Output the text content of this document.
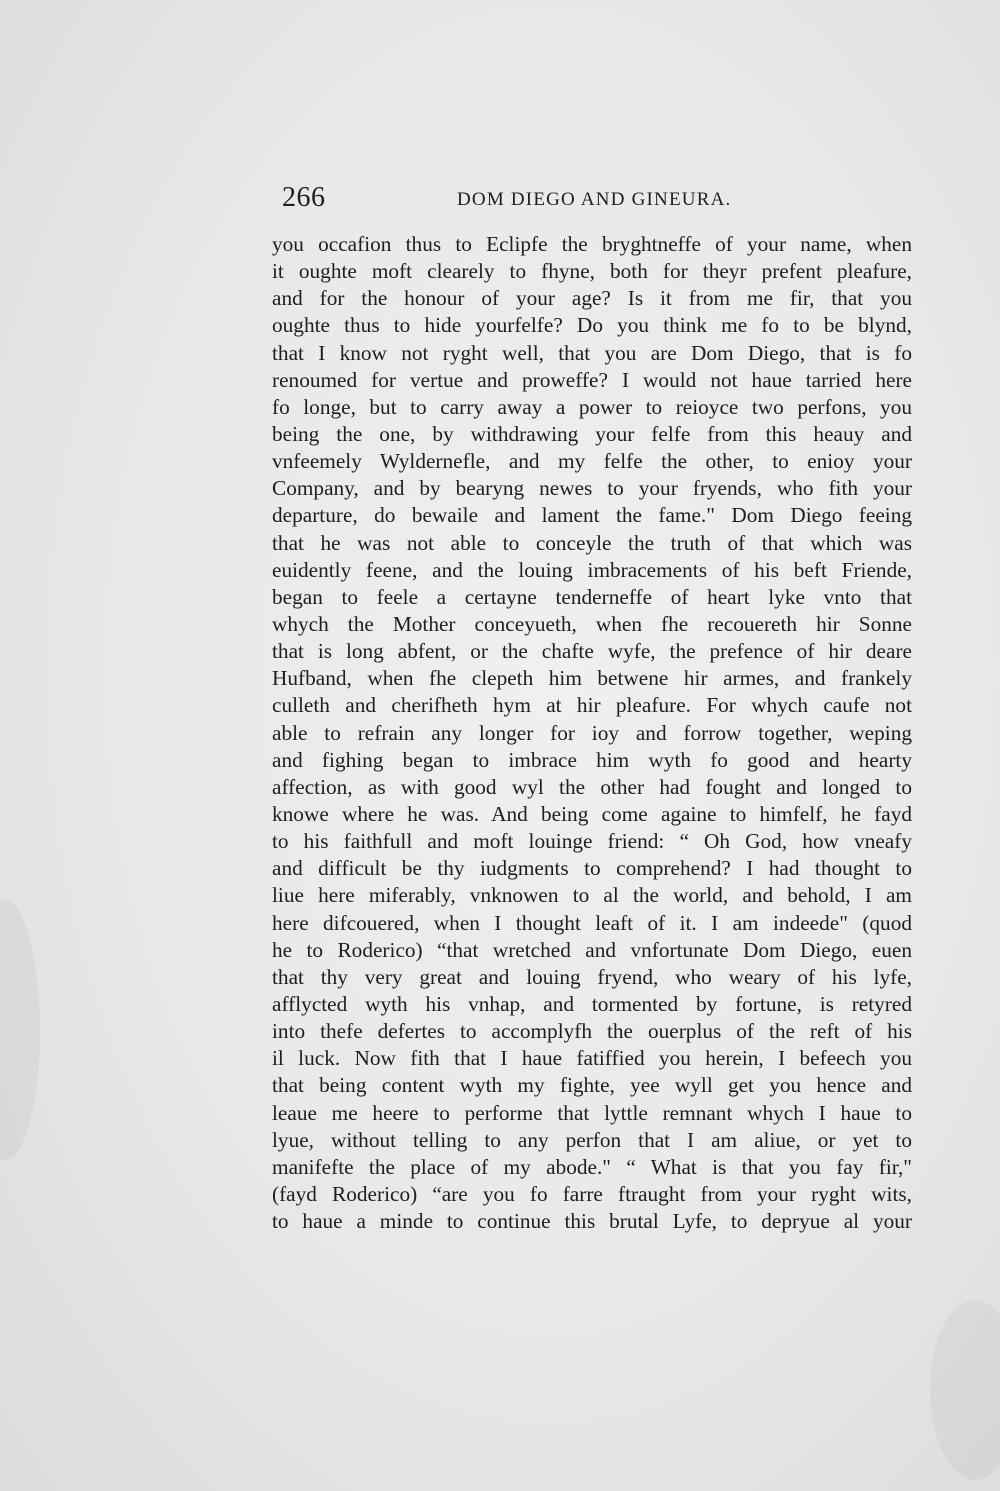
266	DOM DIEGO AND GINEURA.
you occafion thus to Eclipfe the bryghtneffe of your name, when
it oughte moft clearely to fhyne, both for theyr prefent pleafure,
and for the honour of your age? Is it from me fir, that you
oughte thus to hide yourfelfe? Do you think me fo to be blynd,
that I know not ryght well, that you are Dom Diego, that is fo
renoumed for vertue and proweffe? I would not haue tarried here
fo longe, but to carry away a power to reioyce two perfons, you
being the one, by withdrawing your felfe from this heauy and
vnfeemely Wyldernefle, and my felfe the other, to enioy your
Company, and by bearyng newes to your fryends, who fith your
departure, do bewaile and lament the fame." Dom Diego feeing
that he was not able to conceyle the truth of that which was
euidently feene, and the louing imbracements of his beft Friende,
began to feele a certayne tenderneffe of heart lyke vnto that
whych the Mother conceyueth, when fhe recouereth hir Sonne
that is long abfent, or the chafte wyfe, the prefence of hir deare
Hufband, when fhe clepeth him betwene hir armes, and frankely
culleth and cherifheth hym at hir pleafure. For whych caufe not
able to refrain any longer for ioy and forrow together, weping
and fighing began to imbrace him wyth fo good and hearty
affection, as with good wyl the other had fought and longed to
knowe where he was. And being come againe to himfelf, he fayd
to his faithfull and moft louinge friend: “ Oh God, how vneafy
and difficult be thy iudgments to comprehend? I had thought to
liue here miferably, vnknowen to al the world, and behold, I am
here difcouered, when I thought leaft of it. I am indeede" (quod
he to Roderico) “that wretched and vnfortunate Dom Diego, euen
that thy very great and louing fryend, who weary of his lyfe,
afflycted wyth his vnhap, and tormented by fortune, is retyred
into thefe defertes to accomplyfh the ouerplus of the reft of his
il luck. Now fith that I haue fatiffied you herein, I befeech you
that being content wyth my fighte, yee wyll get you hence and
leaue me heere to performe that lyttle remnant whych I haue to
lyue, without telling to any perfon that I am aliue, or yet to
manifefte the place of my abode." “ What is that you fay fir,"
(fayd Roderico) “are you fo farre ftraught from your ryght wits,
to haue a minde to continue this brutal Lyfe, to depryue al your
